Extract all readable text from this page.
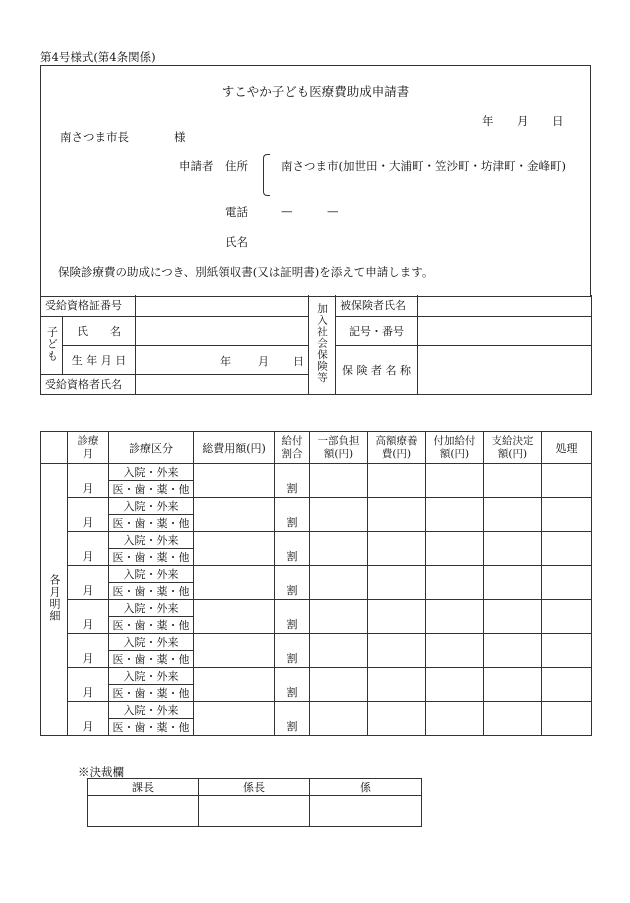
第4号様式(第4条関係)
すこやか子ども医療費助成申請書
年 月 日
南さつま市長	様
申請者 住所	南さつま市(加世田・大浦町・笠沙町・坊津町・金峰町)
電話	—	—
氏名
保険診療費の助成につき、別紙領収書(又は証明書)を添えて申請します。
受給資格証番号			加入社会保険等	被保険者氏名	
子ども	氏　　名			記号・番号	
	生 年 月 日	年 月 日		保 険 者 名 称	
受給資格者氏名					

	診療月	診療区分	総費用額(円)	給付割合	一部負担額(円)	高額療養費(円)	付加給付額(円)	支給決定額(円)	処理
各月明細	月	入院・外来		割					
		医・歯・薬・他							
	月	入院・外来		割					
		医・歯・薬・他							
	月	入院・外来		割					
		医・歯・薬・他							
	月	入院・外来		割					
		医・歯・薬・他							
	月	入院・外来		割					
		医・歯・薬・他							
	月	入院・外来		割					
		医・歯・薬・他							
	月	入院・外来		割					
		医・歯・薬・他							
	月	入院・外来		割					
		医・歯・薬・他							
※決裁欄
課長	係長	係
